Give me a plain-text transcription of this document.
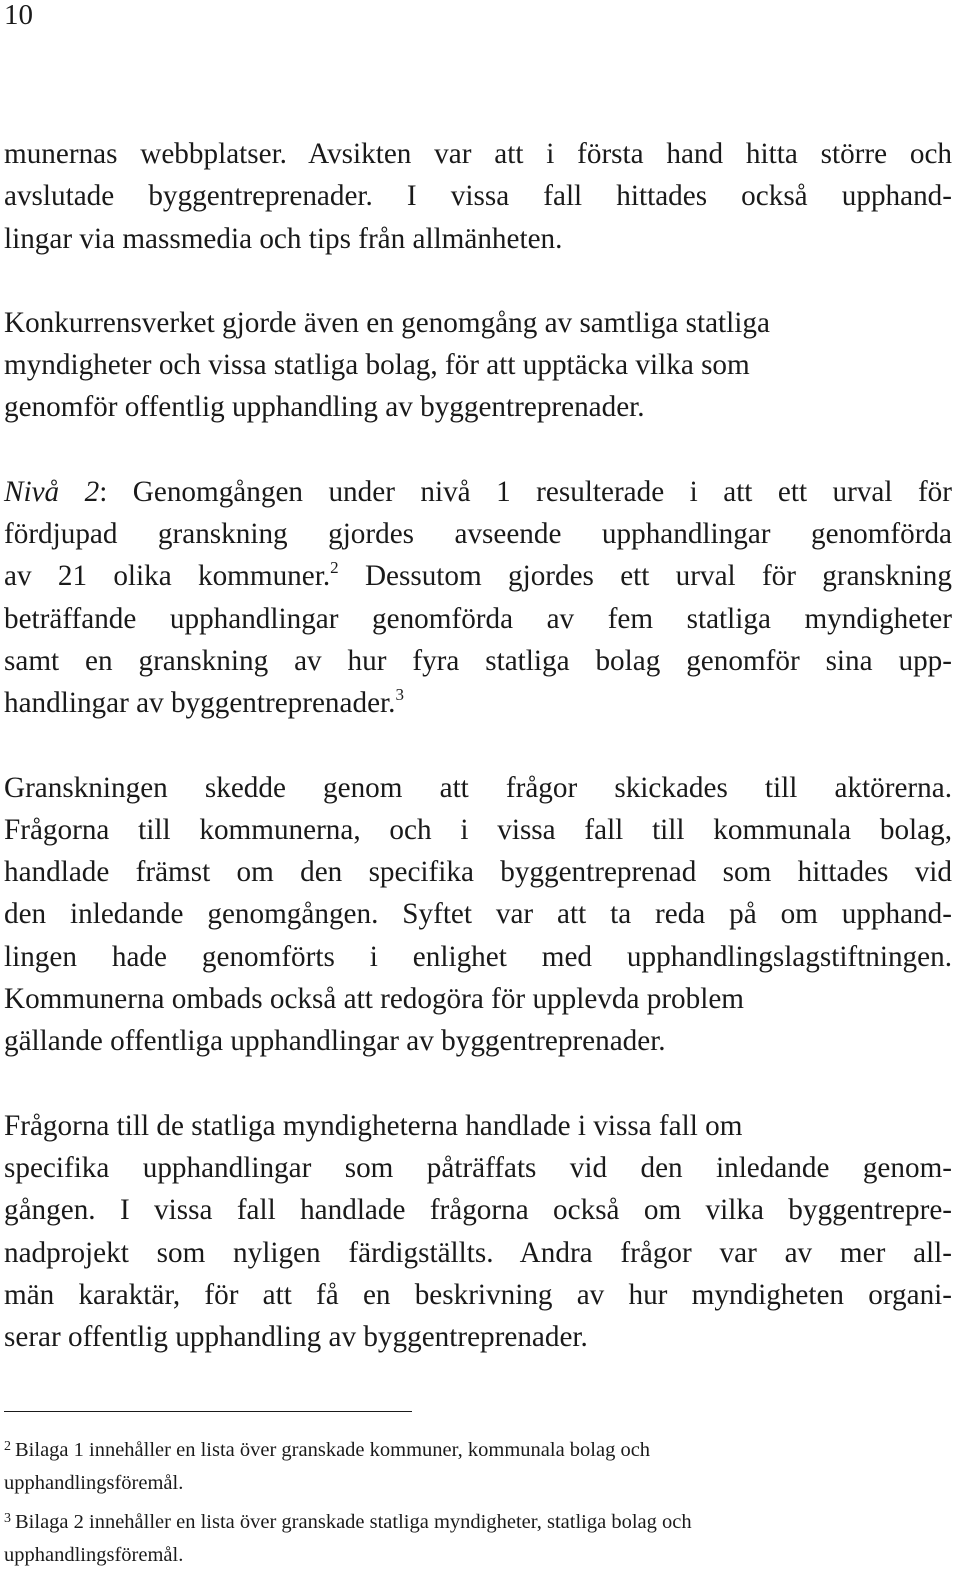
10

munernas webbplatser. Avsikten var att i första hand hitta större och
avslutade byggentreprenader. I vissa fall hittades också upphand-
lingar via massmedia och tips från allmänheten.

Konkurrensverket gjorde även en genomgång av samtliga statliga
myndigheter och vissa statliga bolag, för att upptäcka vilka som
genomför offentlig upphandling av byggentreprenader.

Nivå 2: Genomgången under nivå 1 resulterade i att ett urval för
fördjupad granskning gjordes avseende upphandlingar genomförda
av 21 olika kommuner.$^2$ Dessutom gjordes ett urval för granskning
beträffande upphandlingar genomförda av fem statliga myndigheter
samt en granskning av hur fyra statliga bolag genomför sina upp-
handlingar av byggentreprenader.$^3$

Granskningen skedde genom att frågor skickades till aktörerna.
Frågorna till kommunerna, och i vissa fall till kommunala bolag,
handlade främst om den specifika byggentreprenad som hittades vid
den inledande genomgången. Syftet var att ta reda på om upphand-
lingen hade genomförts i enlighet med upphandlingslagstiftningen.
Kommunerna ombads också att redogöra för upplevda problem
gällande offentliga upphandlingar av byggentreprenader.

Frågorna till de statliga myndigheterna handlade i vissa fall om
specifika upphandlingar som påträffats vid den inledande genom-
gången. I vissa fall handlade frågorna också om vilka byggentrepre-
nadprojekt som nyligen färdigställts. Andra frågor var av mer all-
män karaktär, för att få en beskrivning av hur myndigheten organi-
serar offentlig upphandling av byggentreprenader.

$^2$ Bilaga 1 innehåller en lista över granskade kommuner, kommunala bolag och
upphandlingsföremål.

$^3$ Bilaga 2 innehåller en lista över granskade statliga myndigheter, statliga bolag och
upphandlingsföremål.
